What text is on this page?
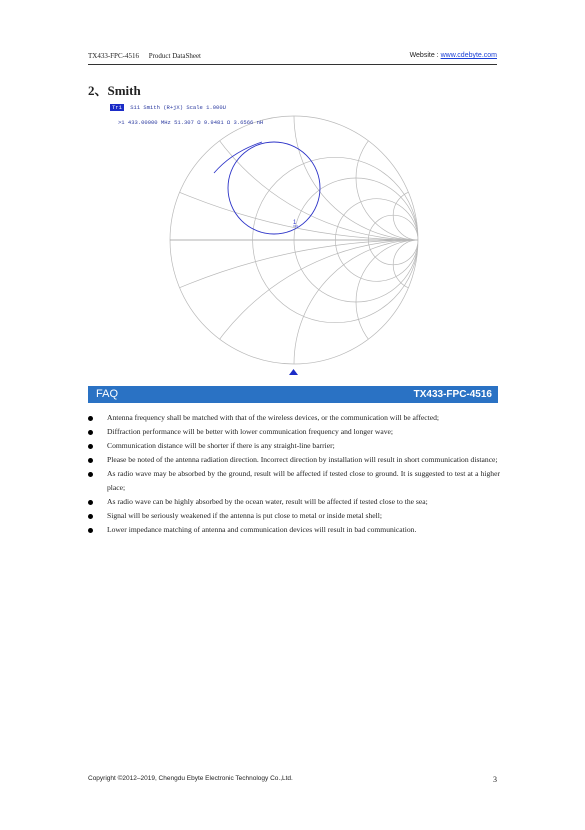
TX433-FPC-4516 Product DataSheet	Website : www.cdebyte.com
2、Smith
1
Tr1 S11 Smith (R+jX) Scale 1.000U
>1 433.00000 MHz 51.307 Ω 9.9481 Ω 3.6566 nH
FAQ	TX433-FPC-4516
Antenna frequency shall be matched with that of the wireless devices, or the communication will be affected;
Diffraction performance will be better with lower communication frequency and longer wave;
Communication distance will be shorter if there is any straight-line barrier;
Please be noted of the antenna radiation direction. Incorrect direction by installation will result in short communication distance;
As radio wave may be absorbed by the ground, result will be affected if tested close to ground. It is suggested to test at a higher place;
As radio wave can be highly absorbed by the ocean water, result will be affected if tested close to the sea;
Signal will be seriously weakened if the antenna is put close to metal or inside metal shell;
Lower impedance matching of antenna and communication devices will result in bad communication.
Copyright ©2012–2019, Chengdu Ebyte Electronic Technology Co.,Ltd.	3
